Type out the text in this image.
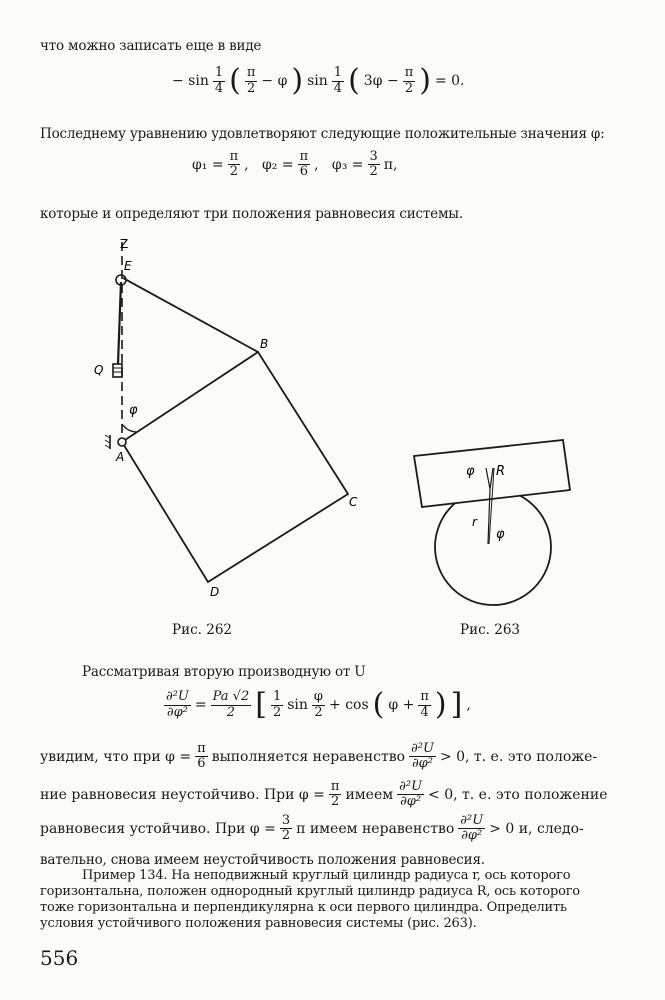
что можно записать еще в виде
− $\sin \frac{1}{4}$ ( $\frac{\pi}{2} - \varphi$ ) $\sin \frac{1}{4}$ ( $3\varphi - \frac{\pi}{2}$ ) = 0.
Последнему уравнению удовлетворяют следующие положительные значения φ:
$\varphi_1 = \frac{\pi}{2}$ ,   $\varphi_2 = \frac{\pi}{6}$ ,   $\varphi_3 = \frac{3}{2} \pi$,
которые и определяют три положения равновесия системы.
Z
E
B
Q
φ
A
C
D
φ R
r
φ
Рис. 262	Рис. 263
Рассматривая вторую производную от U
$\frac{\text{∂²U}}{\text{∂φ²}} = \frac{Pa √2}{2}$ [ $\frac{1}{2}$ $\sin \frac{\varphi}{2} + \cos$ ( $\varphi + \frac{\pi}{4}$ ) ] ,
увидим, что при $\varphi = \frac{\pi}{6}$ выполняется неравенство $\frac{\text{∂²U}}{\text{∂φ²}} > 0$, т. е. это положе-
ние равновесия неустойчиво. При $\varphi = \frac{\pi}{2}$ имеем $\frac{\text{∂²U}}{\text{∂φ²}} < 0$, т. е. это положение
равновесия устойчиво. При $\varphi = \frac{3}{2}$ π имеем неравенство $\frac{\text{∂²U}}{\text{∂φ²}} > 0$ и, следо-
вательно, снова имеем неустойчивость положения равновесия.
Пример 134. На неподвижный круглый цилиндр радиуса r, ось которого
горизонтальна, положен однородный круглый цилиндр радиуса R, ось которого
тоже горизонтальна и перпендикулярна к оси первого цилиндра. Определить
условия устойчивого положения равновесия системы (рис. 263).
556
